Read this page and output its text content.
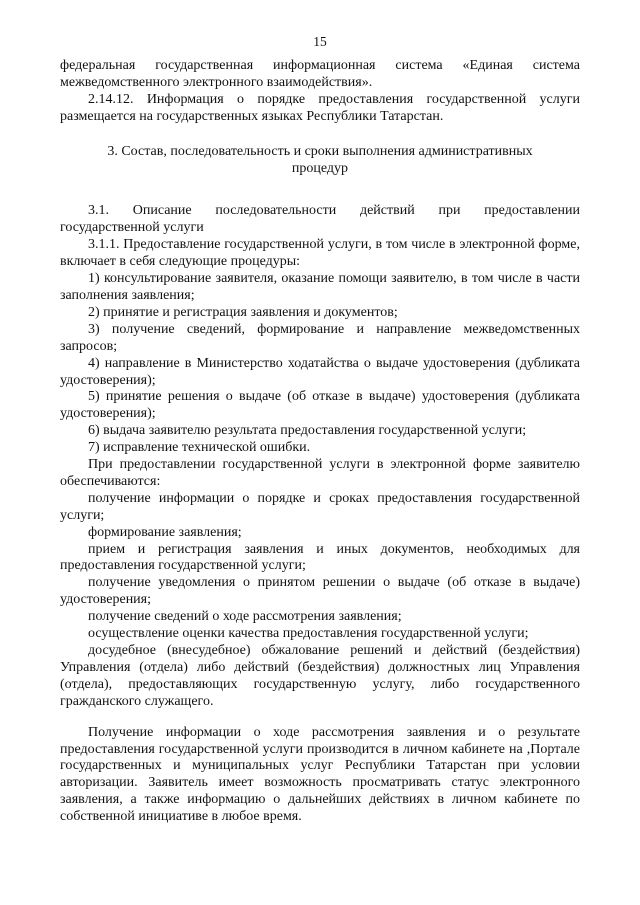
15

федеральная государственная информационная система «Единая система межведомственного электронного взаимодействия».

2.14.12. Информация о порядке предоставления государственной услуги размещается на государственных языках Республики Татарстан.

3. Состав, последовательность и сроки выполнения административных процедур

3.1. Описание последовательности действий при предоставлении государственной услуги

3.1.1. Предоставление государственной услуги, в том числе в электронной форме, включает в себя следующие процедуры:

1) консультирование заявителя, оказание помощи заявителю, в том числе в части заполнения заявления;

2) принятие и регистрация заявления и документов;

3) получение сведений, формирование и направление межведомственных запросов;

4) направление в Министерство ходатайства о выдаче удостоверения (дубликата удостоверения);

5) принятие решения о выдаче (об отказе в выдаче) удостоверения (дубликата удостоверения);

6) выдача заявителю результата предоставления государственной услуги;

7) исправление технической ошибки.

При предоставлении государственной услуги в электронной форме заявителю обеспечиваются:

получение информации о порядке и сроках предоставления государственной услуги;

формирование заявления;

прием и регистрация заявления и иных документов, необходимых для предоставления государственной услуги;

получение уведомления о принятом решении о выдаче (об отказе в выдаче) удостоверения;

получение сведений о ходе рассмотрения заявления;

осуществление оценки качества предоставления государственной услуги;

досудебное (внесудебное) обжалование решений и действий (бездействия) Управления (отдела) либо действий (бездействия) должностных лиц Управления (отдела), предоставляющих государственную услугу, либо государственного гражданского служащего.

Получение информации о ходе рассмотрения заявления и о результате предоставления государственной услуги производится в личном кабинете на ,Портале государственных и муниципальных услуг Республики Татарстан при условии авторизации. Заявитель имеет возможность просматривать статус электронного заявления, а также информацию о дальнейших действиях в личном кабинете по собственной инициативе в любое время.
